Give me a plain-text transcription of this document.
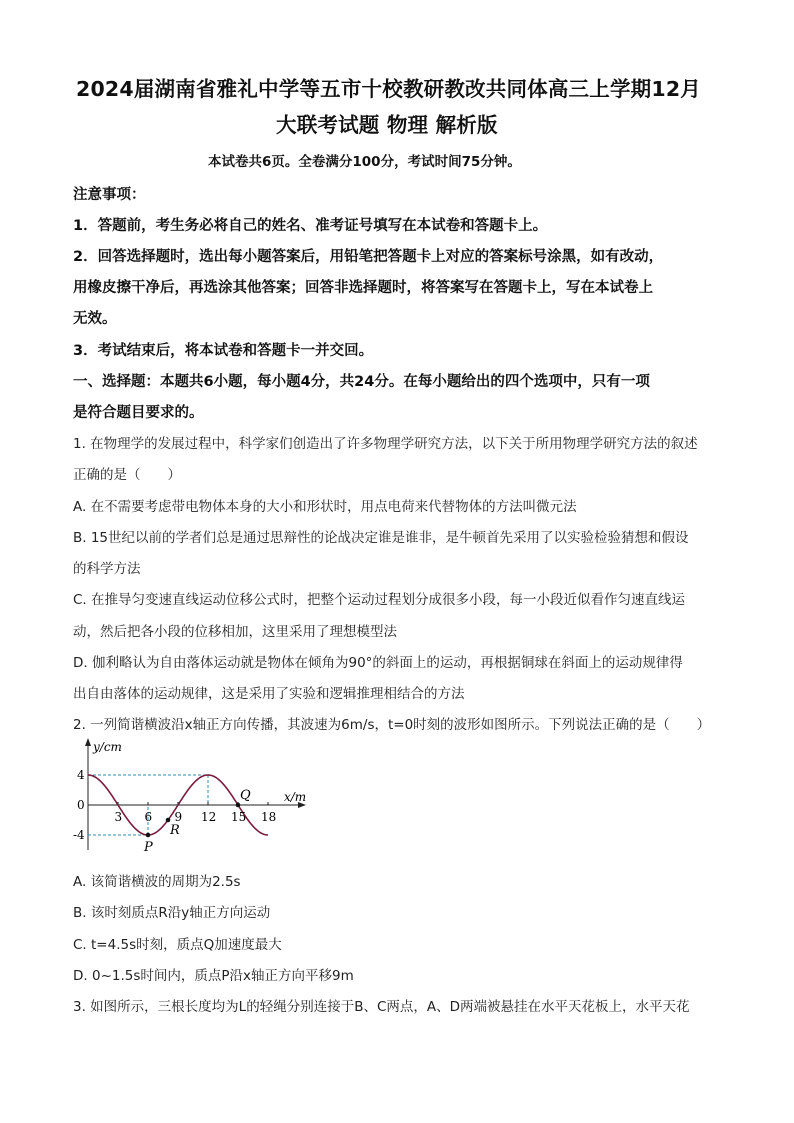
2024届湖南省雅礼中学等五市十校教研教改共同体高三上学期12月
大联考试题 物理 解析版
本试卷共6页。全卷满分100分，考试时间75分钟。
注意事项：
1．答题前，考生务必将自己的姓名、准考证号填写在本试卷和答题卡上。
2．回答选择题时，选出每小题答案后，用铅笔把答题卡上对应的答案标号涂黑，如有改动，
用橡皮擦干净后，再选涂其他答案；回答非选择题时，将答案写在答题卡上，写在本试卷上
无效。
3．考试结束后，将本试卷和答题卡一并交回。
一、选择题：本题共6小题，每小题4分，共24分。在每小题给出的四个选项中，只有一项
是符合题目要求的。
1. 在物理学的发展过程中，科学家们创造出了许多物理学研究方法，以下关于所用物理学研究方法的叙述
正确的是（　　）
A. 在不需要考虑带电物体本身的大小和形状时，用点电荷来代替物体的方法叫微元法
B. 15世纪以前的学者们总是通过思辩性的论战决定谁是谁非，是牛顿首先采用了以实验检验猜想和假设
的科学方法
C. 在推导匀变速直线运动位移公式时，把整个运动过程划分成很多小段，每一小段近似看作匀速直线运
动，然后把各小段的位移相加，这里采用了理想模型法
D. 伽利略认为自由落体运动就是物体在倾角为90°的斜面上的运动，再根据铜球在斜面上的运动规律得
出自由落体的运动规律，这是采用了实验和逻辑推理相结合的方法
2. 一列简谐横波沿x轴正方向传播，其波速为6m/s，t=0时刻的波形如图所示。下列说法正确的是（　　）
y/cm
x/m
3 6 9 12 15 18
4
0
-4
P
R
Q
A. 该简谐横波的周期为2.5s
B. 该时刻质点R沿y轴正方向运动
C. t=4.5s时刻，质点Q加速度最大
D. 0~1.5s时间内，质点P沿x轴正方向平移9m
3. 如图所示，三根长度均为L的轻绳分别连接于B、C两点，A、D两端被悬挂在水平天花板上，水平天花
